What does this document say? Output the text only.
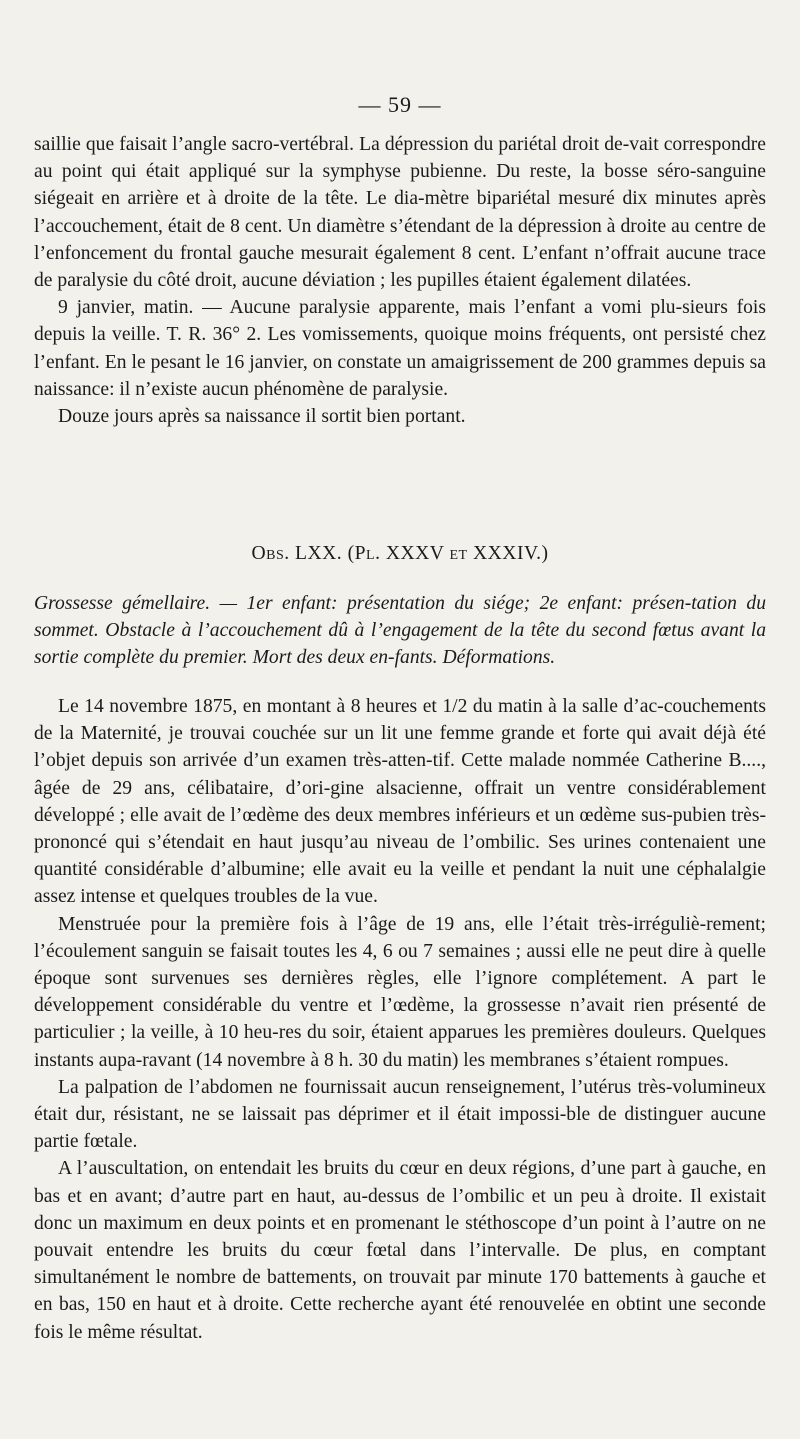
— 59 —

saillie que faisait l’angle sacro-vertébral. La dépression du pariétal droit de-vait correspondre au point qui était appliqué sur la symphyse pubienne. Du reste, la bosse séro-sanguine siégeait en arrière et à droite de la tête. Le dia-mètre bipariétal mesuré dix minutes après l’accouchement, était de 8 cent. Un diamètre s’étendant de la dépression à droite au centre de l’enfoncement du frontal gauche mesurait également 8 cent. L’enfant n’offrait aucune trace de paralysie du côté droit, aucune déviation ; les pupilles étaient également dilatées.

9 janvier, matin. — Aucune paralysie apparente, mais l’enfant a vomi plu-sieurs fois depuis la veille. T. R. 36° 2. Les vomissements, quoique moins fréquents, ont persisté chez l’enfant. En le pesant le 16 janvier, on constate un amaigrissement de 200 grammes depuis sa naissance: il n’existe aucun phénomène de paralysie.

Douze jours après sa naissance il sortit bien portant.

Obs. LXX. (Pl. XXXV et XXXIV.)

Grossesse gémellaire. — 1er enfant: présentation du siége; 2e enfant: présen-tation du sommet. Obstacle à l’accouchement dû à l’engagement de la tête du second fœtus avant la sortie complète du premier. Mort des deux en-fants. Déformations.

Le 14 novembre 1875, en montant à 8 heures et 1/2 du matin à la salle d’ac-couchements de la Maternité, je trouvai couchée sur un lit une femme grande et forte qui avait déjà été l’objet depuis son arrivée d’un examen très-atten-tif. Cette malade nommée Catherine B...., âgée de 29 ans, célibataire, d’ori-gine alsacienne, offrait un ventre considérablement développé ; elle avait de l’œdème des deux membres inférieurs et un œdème sus-pubien très-prononcé qui s’étendait en haut jusqu’au niveau de l’ombilic. Ses urines contenaient une quantité considérable d’albumine; elle avait eu la veille et pendant la nuit une céphalalgie assez intense et quelques troubles de la vue.

Menstruée pour la première fois à l’âge de 19 ans, elle l’était très-irréguliè-rement; l’écoulement sanguin se faisait toutes les 4, 6 ou 7 semaines ; aussi elle ne peut dire à quelle époque sont survenues ses dernières règles, elle l’ignore complétement. A part le développement considérable du ventre et l’œdème, la grossesse n’avait rien présenté de particulier ; la veille, à 10 heu-res du soir, étaient apparues les premières douleurs. Quelques instants aupa-ravant (14 novembre à 8 h. 30 du matin) les membranes s’étaient rompues.

La palpation de l’abdomen ne fournissait aucun renseignement, l’utérus très-volumineux était dur, résistant, ne se laissait pas déprimer et il était impossi-ble de distinguer aucune partie fœtale.

A l’auscultation, on entendait les bruits du cœur en deux régions, d’une part à gauche, en bas et en avant; d’autre part en haut, au-dessus de l’ombilic et un peu à droite. Il existait donc un maximum en deux points et en promenant le stéthoscope d’un point à l’autre on ne pouvait entendre les bruits du cœur fœtal dans l’intervalle. De plus, en comptant simultanément le nombre de battements, on trouvait par minute 170 battements à gauche et en bas, 150 en haut et à droite. Cette recherche ayant été renouvelée en obtint une seconde fois le même résultat.
